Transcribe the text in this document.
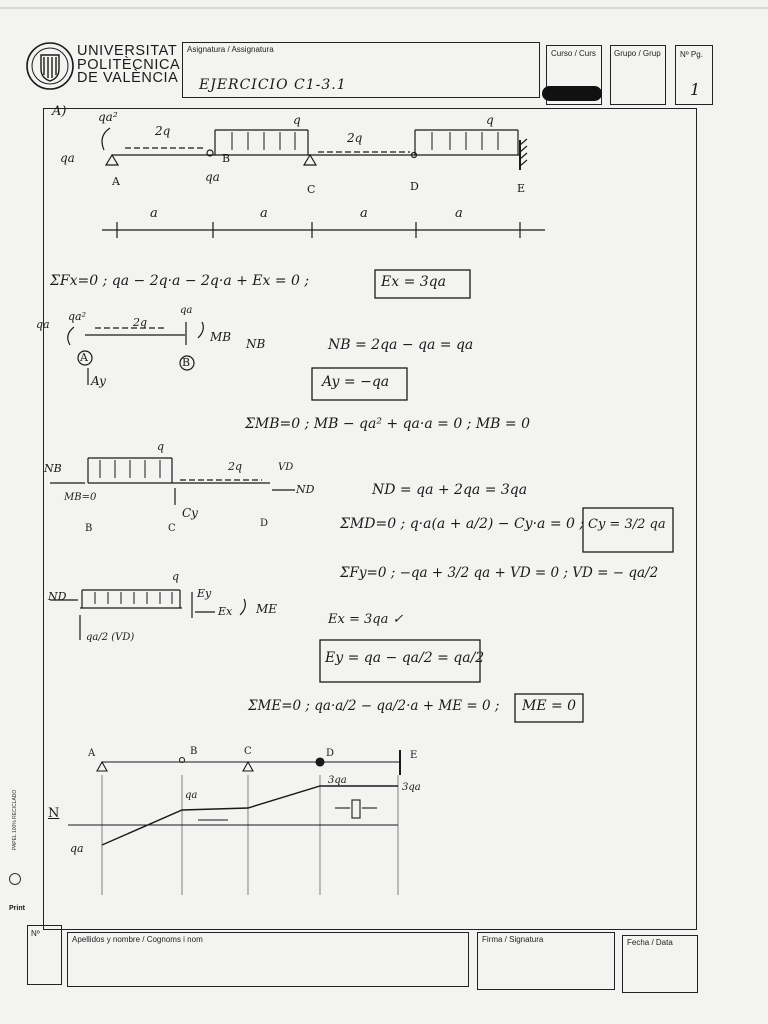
UNIVERSITAT
POLITÈCNICA
DE VALÈNCIA
Asignatura / Assignatura
EJERCICIO C1-3.1
Curso / Curs Grupo / Grup Nº Pg.
1
A)	qa²
2q
q
2q
q
qa
qa
A
B
C	D	E
a	a	a	a
ΣFx=0 ; qa − 2q·a − 2q·a + Ex = 0 ;	Ex = 3qa
qa
qa²	2q
qa
MB NB
A	B
Ay
NB = 2qa − qa = qa
Ay = −qa
ΣMB=0 ; MB − qa² + qa·a = 0 ; MB = 0
q
NB
MB=0
2q	VD
ND
Cy
B	C	D
ND = qa + 2qa = 3qa
ΣMD=0 ; q·a(a + a/2) − Cy·a = 0 ; Cy = 3/2 qa
ΣFy=0 ; −qa + 3/2 qa + VD = 0 ; VD = − qa/2
q
ND	Ey
Ex ME
qa/2 (VD)
Ex = 3qa ✓
Ey = qa − qa/2 = qa/2
ΣME=0 ; qa·a/2 − qa/2·a + ME = 0 ; ME = 0
A	B	C	D	E
N
qa
qa
3qa
3qa
PAPEL 100% RECICLADO
Print
Nº
Apellidos y nombre / Cognoms i nom	Firma / Signatura	Fecha / Data
